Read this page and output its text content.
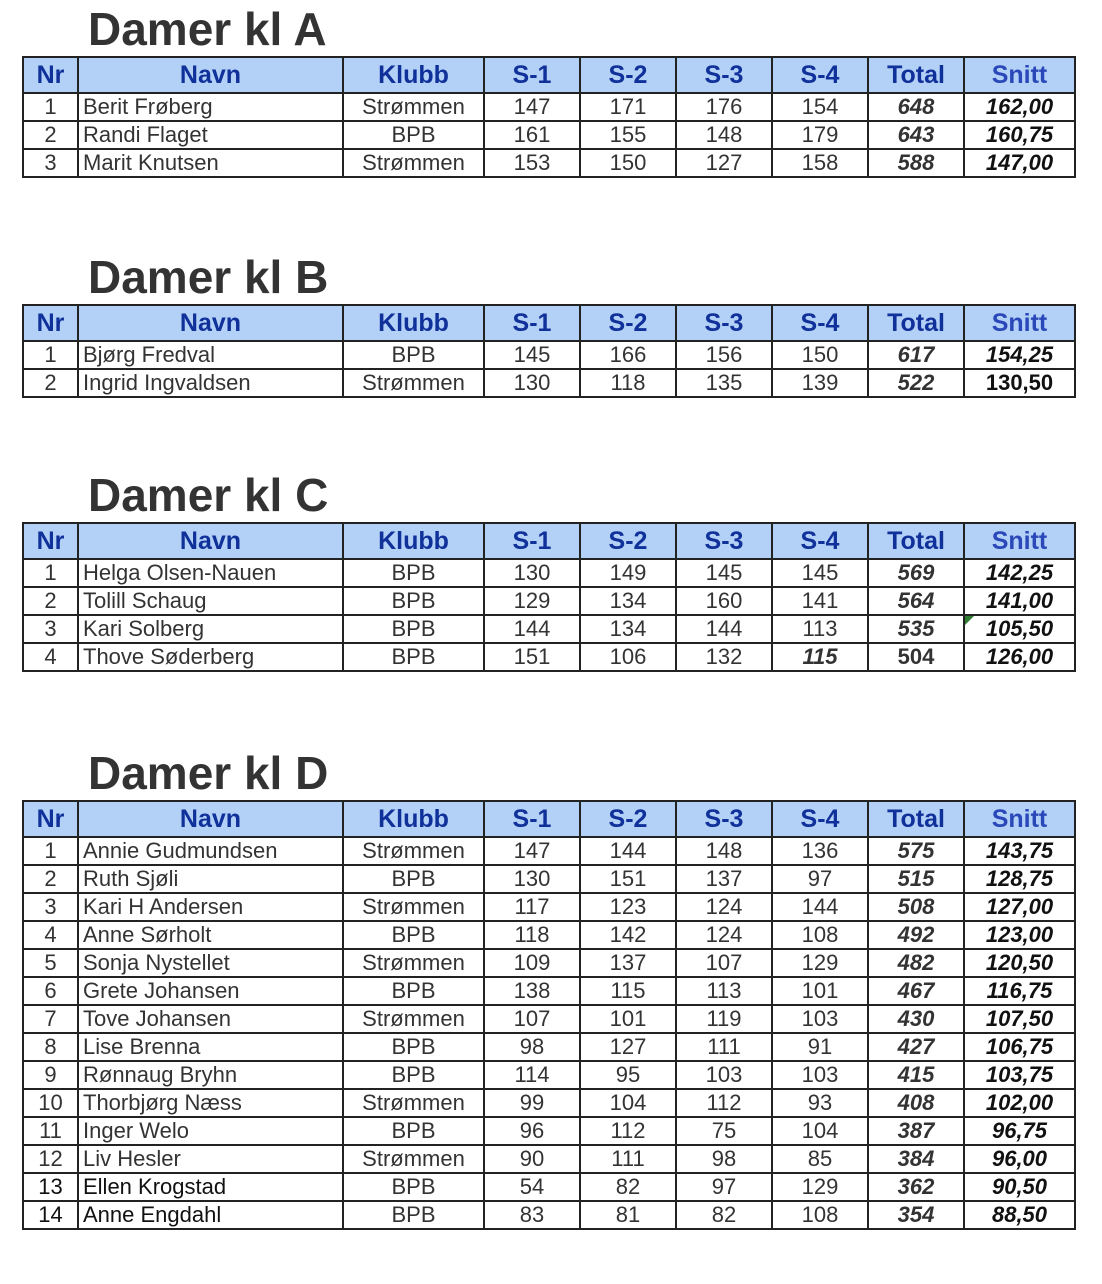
Damer kl A
Nr	Navn	Klubb	S-1	S-2	S-3	S-4	Total	Snitt
1	Berit Frøberg	Strømmen	147	171	176	154	648	162,00
2	Randi Flaget	BPB	161	155	148	179	643	160,75
3	Marit Knutsen	Strømmen	153	150	127	158	588	147,00
Damer kl B
Nr	Navn	Klubb	S-1	S-2	S-3	S-4	Total	Snitt
1	Bjørg Fredval	BPB	145	166	156	150	617	154,25
2	Ingrid Ingvaldsen	Strømmen	130	118	135	139	522	130,50
Damer kl C
Nr	Navn	Klubb	S-1	S-2	S-3	S-4	Total	Snitt
1	Helga Olsen-Nauen	BPB	130	149	145	145	569	142,25
2	Tolill Schaug	BPB	129	134	160	141	564	141,00
3	Kari Solberg	BPB	144	134	144	113	535	105,50
4	Thove Søderberg	BPB	151	106	132	115	504	126,00
Damer kl D
Nr	Navn	Klubb	S-1	S-2	S-3	S-4	Total	Snitt
1	Annie Gudmundsen	Strømmen	147	144	148	136	575	143,75
2	Ruth Sjøli	BPB	130	151	137	97	515	128,75
3	Kari H Andersen	Strømmen	117	123	124	144	508	127,00
4	Anne Sørholt	BPB	118	142	124	108	492	123,00
5	Sonja Nystellet	Strømmen	109	137	107	129	482	120,50
6	Grete Johansen	BPB	138	115	113	101	467	116,75
7	Tove Johansen	Strømmen	107	101	119	103	430	107,50
8	Lise Brenna	BPB	98	127	111	91	427	106,75
9	Rønnaug Bryhn	BPB	114	95	103	103	415	103,75
10	Thorbjørg Næss	Strømmen	99	104	112	93	408	102,00
11	Inger Welo	BPB	96	112	75	104	387	96,75
12	Liv Hesler	Strømmen	90	111	98	85	384	96,00
13	Ellen Krogstad	BPB	54	82	97	129	362	90,50
14	Anne Engdahl	BPB	83	81	82	108	354	88,50
